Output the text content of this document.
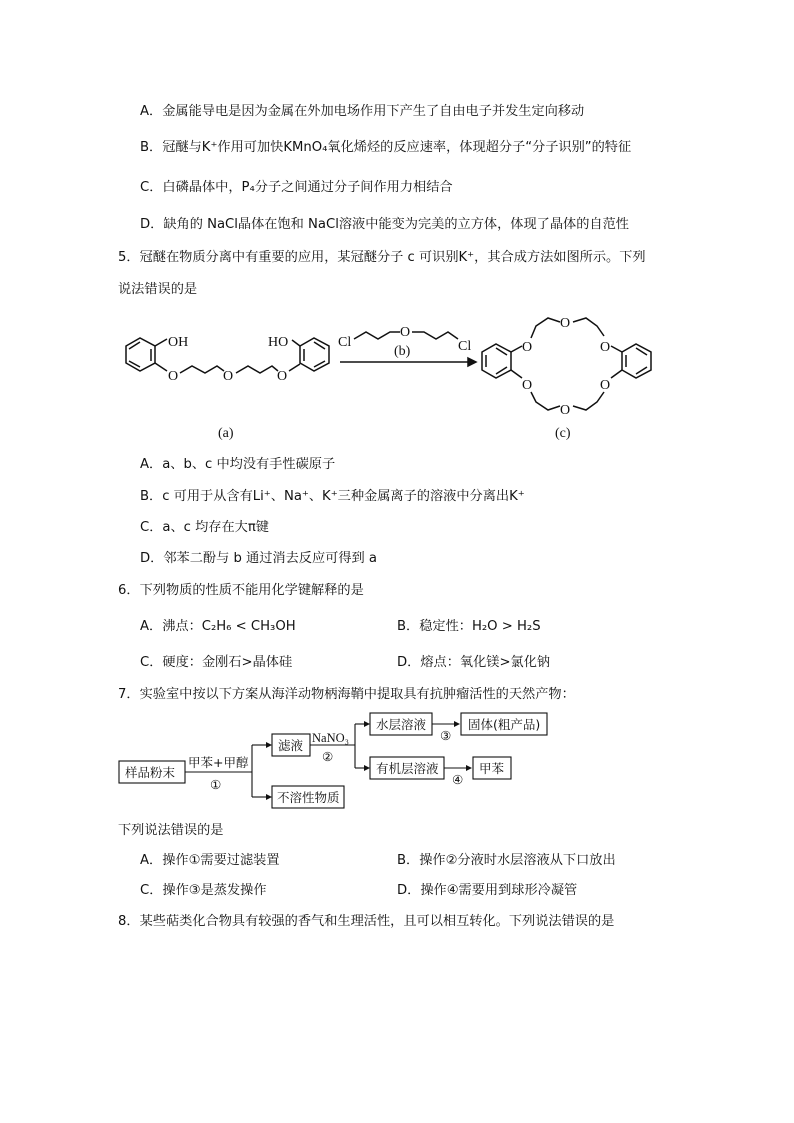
A．金属能导电是因为金属在外加电场作用下产生了自由电子并发生定向移动
B．冠醚与K⁺作用可加快KMnO₄氧化烯烃的反应速率，体现超分子“分子识别”的特征
C．白磷晶体中，P₄分子之间通过分子间作用力相结合
D．缺角的 NaCl晶体在饱和 NaCl溶液中能变为完美的立方体，体现了晶体的自范性
5．冠醚在物质分离中有重要的应用，某冠醚分子 c 可识别K⁺，其合成方法如图所示。下列
说法错误的是
OH
O	O	O
HO
(a)
Cl
O
Cl
(b)	O
O
O
O
O
O
(c)
A．a、b、c 中均没有手性碳原子
B．c 可用于从含有Li⁺、Na⁺、K⁺三种金属离子的溶液中分离出K⁺
C．a、c 均存在大π键
D．邻苯二酚与 b 通过消去反应可得到 a
6．下列物质的性质不能用化学键解释的是
A．沸点：C₂H₆ < CH₃OH	B．稳定性：H₂O > H₂S
C．硬度：金刚石>晶体硅	D．熔点：氧化镁>氯化钠
7．实验室中按以下方案从海洋动物柄海鞘中提取具有抗肿瘤活性的天然产物：
样品粉末
甲苯+甲醇
①
滤液
不溶性物质
NaNO₃
②
水层溶液
③
固体(粗产品)
有机层溶液
④
甲苯
下列说法错误的是
A．操作①需要过滤装置	B．操作②分液时水层溶液从下口放出
C．操作③是蒸发操作	D．操作④需要用到球形冷凝管
8．某些萜类化合物具有较强的香气和生理活性，且可以相互转化。下列说法错误的是
